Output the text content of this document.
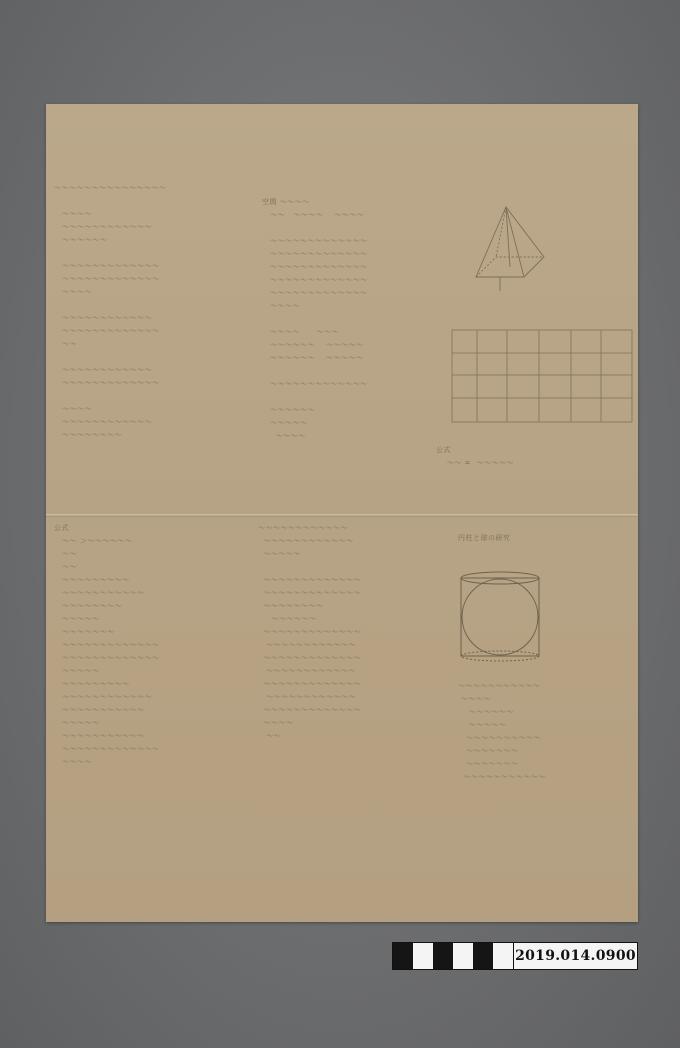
〜〜〜〜〜〜〜〜〜〜〜〜〜〜〜

〜〜〜〜
〜〜〜〜〜〜〜〜〜〜〜〜
〜〜〜〜〜〜

〜〜〜〜〜〜〜〜〜〜〜〜〜
〜〜〜〜〜〜〜〜〜〜〜〜〜
〜〜〜〜

〜〜〜〜〜〜〜〜〜〜〜〜
〜〜〜〜〜〜〜〜〜〜〜〜〜
〜〜

〜〜〜〜〜〜〜〜〜〜〜〜
〜〜〜〜〜〜〜〜〜〜〜〜〜

〜〜〜〜
〜〜〜〜〜〜〜〜〜〜〜〜
〜〜〜〜〜〜〜〜
空間 〜〜〜〜
〜〜   〜〜〜〜    〜〜〜〜

〜〜〜〜〜〜〜〜〜〜〜〜〜
〜〜〜〜〜〜〜〜〜〜〜〜〜
〜〜〜〜〜〜〜〜〜〜〜〜〜
〜〜〜〜〜〜〜〜〜〜〜〜〜
〜〜〜〜〜〜〜〜〜〜〜〜〜
〜〜〜〜

〜〜〜〜      〜〜〜
〜〜〜〜〜〜    〜〜〜〜〜
〜〜〜〜〜〜    〜〜〜〜〜

〜〜〜〜〜〜〜〜〜〜〜〜〜

〜〜〜〜〜〜
〜〜〜〜〜
〜〜〜〜
公式
〜〜 =  〜〜〜〜〜

公式
〜〜 ＞〜〜〜〜〜〜
〜〜
〜〜
〜〜〜〜〜〜〜〜〜
〜〜〜〜〜〜〜〜〜〜〜
〜〜〜〜〜〜〜〜
〜〜〜〜〜
〜〜〜〜〜〜〜
〜〜〜〜〜〜〜〜〜〜〜〜〜
〜〜〜〜〜〜〜〜〜〜〜〜〜
〜〜〜〜〜
〜〜〜〜〜〜〜〜〜
〜〜〜〜〜〜〜〜〜〜〜〜
〜〜〜〜〜〜〜〜〜〜〜
〜〜〜〜〜
〜〜〜〜〜〜〜〜〜〜〜
〜〜〜〜〜〜〜〜〜〜〜〜〜
〜〜〜〜
〜〜〜〜〜〜〜〜〜〜〜〜
〜〜〜〜〜〜〜〜〜〜〜〜
〜〜〜〜〜

〜〜〜〜〜〜〜〜〜〜〜〜〜
〜〜〜〜〜〜〜〜〜〜〜〜〜
〜〜〜〜〜〜〜〜
〜〜〜〜〜〜
〜〜〜〜〜〜〜〜〜〜〜〜〜
〜〜〜〜〜〜〜〜〜〜〜〜
〜〜〜〜〜〜〜〜〜〜〜〜〜
〜〜〜〜〜〜〜〜〜〜〜〜
〜〜〜〜〜〜〜〜〜〜〜〜〜
〜〜〜〜〜〜〜〜〜〜〜〜
〜〜〜〜〜〜〜〜〜〜〜〜〜
〜〜〜〜
〜〜
円柱と球の研究
〜〜〜〜〜〜〜〜〜〜〜
〜〜〜〜
〜〜〜〜〜〜
〜〜〜〜〜
〜〜〜〜〜〜〜〜〜〜
〜〜〜〜〜〜〜
〜〜〜〜〜〜〜
〜〜〜〜〜〜〜〜〜〜〜
2019.014.0900
